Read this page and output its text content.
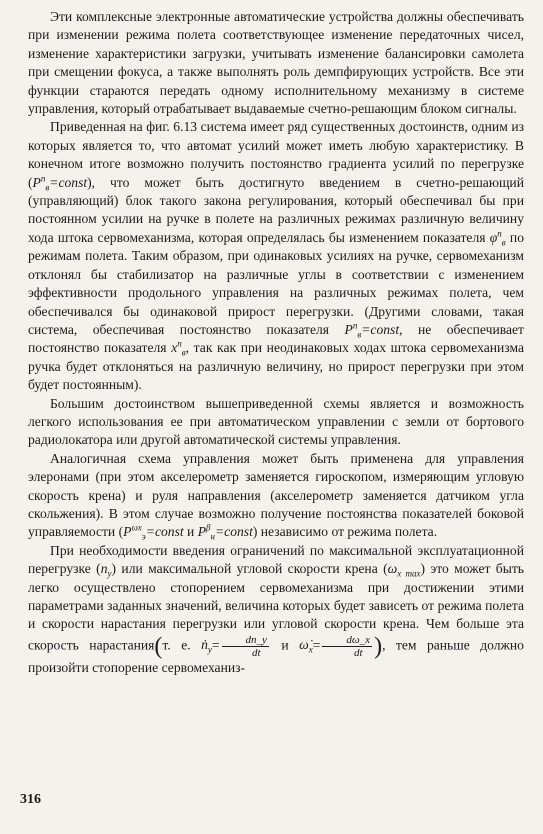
Эти комплексные электронные автоматические устройства должны обеспечивать при изменении режима полета соответствующее изменение передаточных чисел, изменение характеристики загрузки, учитывать изменение балансировки самолета при смещении фокуса, а также выполнять роль демпфирующих устройств. Все эти функции стараются передать одному исполнительному механизму в системе управления, который отрабатывает выдаваемые счетно-решающим блоком сигналы.

Приведенная на фиг. 6.13 система имеет ряд существенных достоинств, одним из которых является то, что автомат усилий может иметь любую характеристику. В конечном итоге возможно получить постоянство градиента усилий по перегрузке $(P^n_в=const)$, что может быть достигнуто введением в счетно-решающий (управляющий) блок такого закона регулирования, который обеспечивал бы при постоянном усилии на ручке в полете на различных режимах различную величину хода штока сервомеханизма, которая определялась бы изменением показателя $\varphi^n_в$ по режимам полета. Таким образом, при одинаковых усилиях на ручке, сервомеханизм отклонял бы стабилизатор на различные углы в соответствии с изменением эффективности продольного управления на различных режимах полета, чем обеспечивался бы одинаковой прирост перегрузки. (Другими словами, такая система, обеспечивая постоянство показателя $P^n_в=const$, не обеспечивает постоянство показателя $x^n_в$, так как при неодинаковых ходах штока сервомеханизма ручка будет отклоняться на различную величину, но прирост перегрузки при этом будет постоянным).

Большим достоинством вышеприведенной схемы является и возможность легкого использования ее при автоматическом управлении с земли от бортового радиолокатора или другой автоматической системы управления.

Аналогичная схема управления может быть применена для управления элеронами (при этом акселерометр заменяется гироскопом, измеряющим угловую скорость крена) и руля направления (акселерометр заменяется датчиком угла скольжения). В этом случае возможно получение постоянства показателей боковой управляемости ($P^{\omega x}_э=const$ и $P^\beta_н=const$) независимо от режима полета.

При необходимости введения ограничений по максимальной эксплуатационной перегрузке $(n_y)$ или максимальной угловой скорости крена $(\omega_{x max})$ это может быть легко осуществлено стопорением сервомеханизма при достижении этими параметрами заданных значений, величина которых будет зависеть от режима полета и скорости нарастания перегрузки или угловой скорости крена. Чем больше эта скорость нарастания(т. е. ṅ$_y$= $\frac{dn\_y}{dt}$ и $\omegȧ_x= \frac{d\omega\_x}{dt}$ ), тем раньше должно произойти стопорение сервомеханиз-

316
